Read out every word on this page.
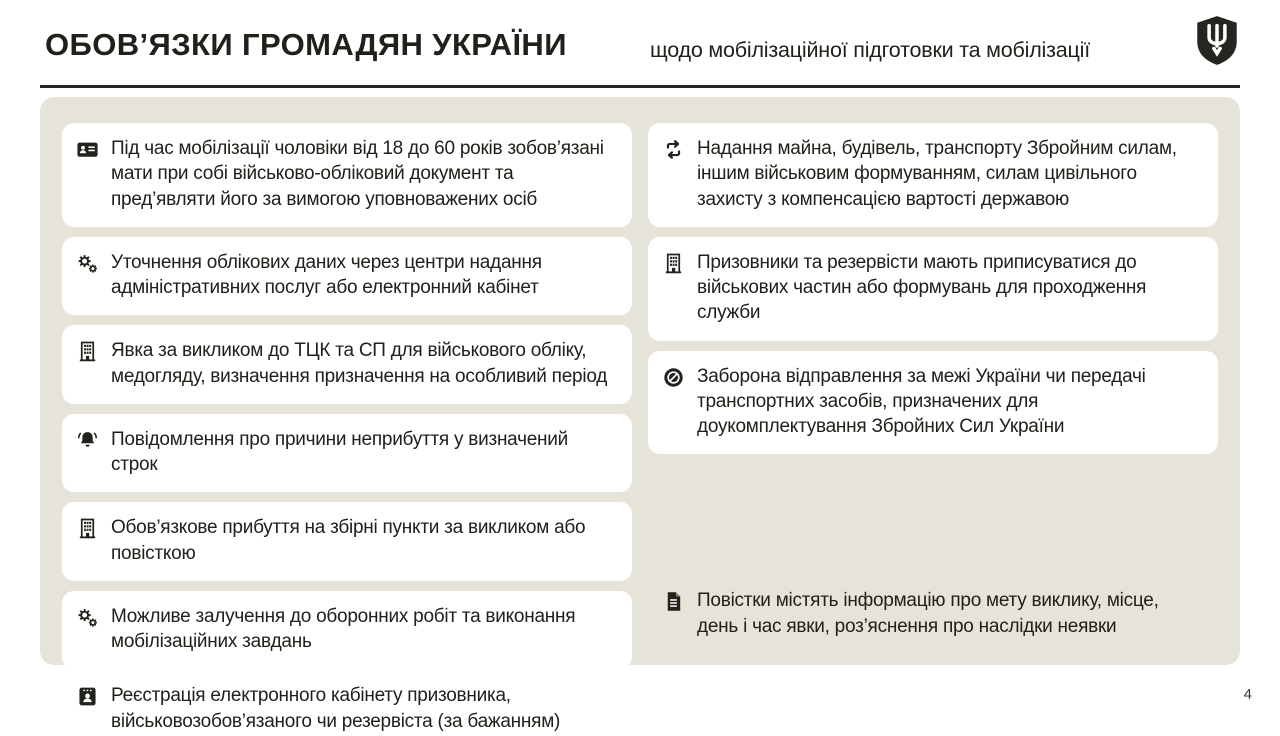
ОБОВ’ЯЗКИ ГРОМАДЯН УКРАЇНИ	щодо мобілізаційної підготовки та мобілізації
Під час мобілізації чоловіки від 18 до 60 років зобов’язані мати при собі військово-обліковий документ та пред’являти його за вимогою уповноважених осіб
Уточнення облікових даних через центри надання адміністративних послуг або електронний кабінет
Явка за викликом до ТЦК та СП для військового обліку, медогляду, визначення призначення на особливий період
Повідомлення про причини неприбуття у визначений строк
Обов’язкове прибуття на збірні пункти за викликом або повісткою
Можливе залучення до оборонних робіт та виконання мобілізаційних завдань
Реєстрація електронного кабінету призовника, військовозобов’язаного чи резервіста (за бажанням)
Надання майна, будівель, транспорту Збройним силам, іншим військовим формуванням, силам цивільного захисту з компенсацією вартості державою
Призовники та резервісти мають приписуватися до військових частин або формувань для проходження служби
Заборона відправлення за межі України чи передачі транспортних засобів, призначених для доукомплектування Збройних Сил України
Повістки містять інформацію про мету виклику, місце, день і час явки, роз’яснення про наслідки неявки
4
